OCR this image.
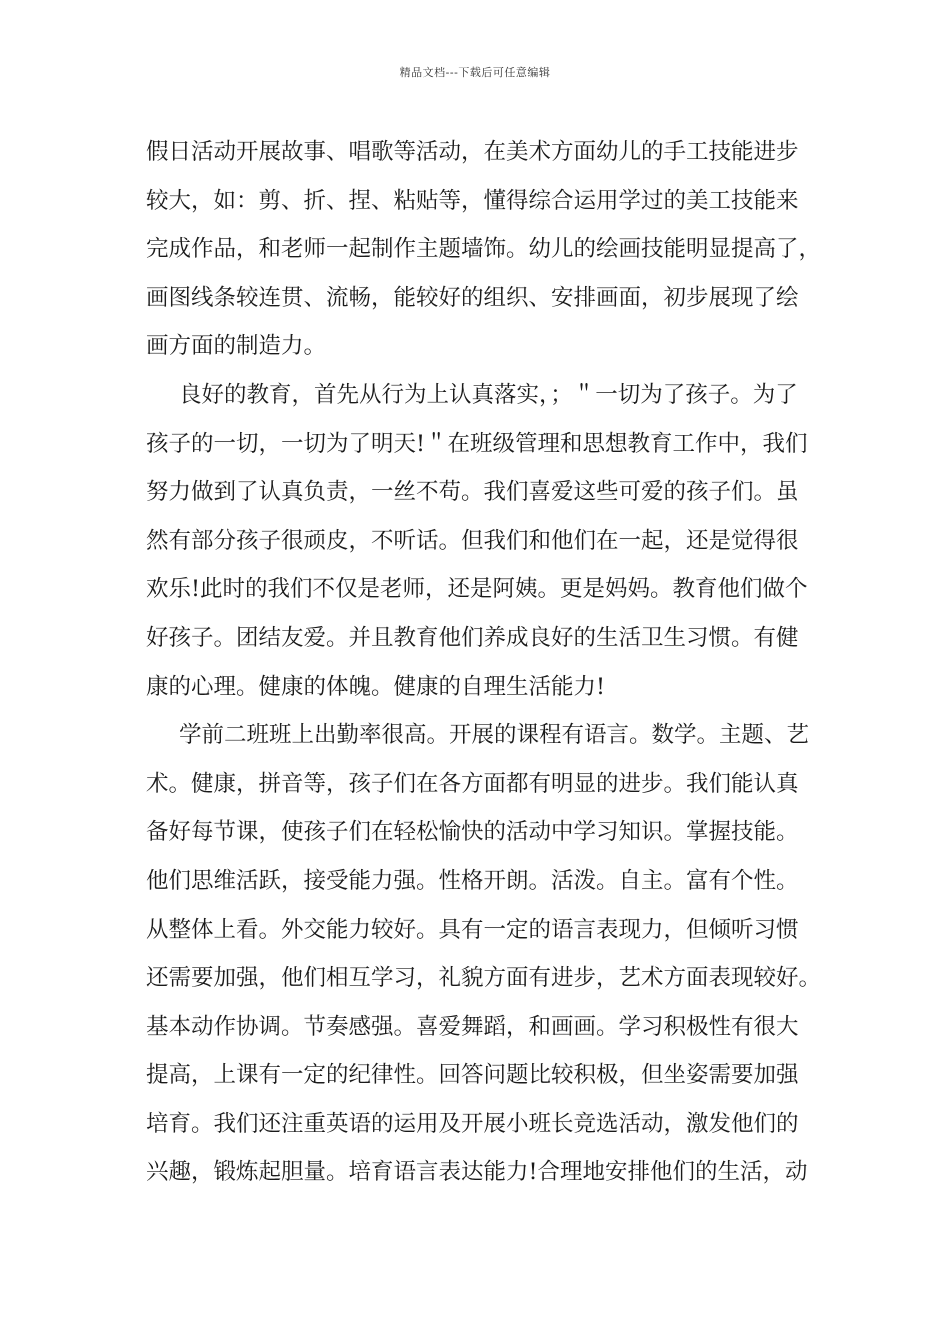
精品文档---下载后可任意编辑
假日活动开展故事、唱歌等活动，在美术方面幼儿的手工技能进步
较大，如：剪、折、捏、粘贴等，懂得综合运用学过的美工技能来
完成作品，和老师一起制作主题墙饰。幼儿的绘画技能明显提高了，
画图线条较连贯、流畅，能较好的组织、安排画面，初步展现了绘
画方面的制造力。
良好的教育，首先从行为上认真落实，；＂一切为了孩子。为了
孩子的一切，一切为了明天!＂在班级管理和思想教育工作中，我们
努力做到了认真负责，一丝不苟。我们喜爱这些可爱的孩子们。虽
然有部分孩子很顽皮，不听话。但我们和他们在一起，还是觉得很
欢乐!此时的我们不仅是老师，还是阿姨。更是妈妈。教育他们做个
好孩子。团结友爱。并且教育他们养成良好的生活卫生习惯。有健
康的心理。健康的体魄。健康的自理生活能力!
学前二班班上出勤率很高。开展的课程有语言。数学。主题、艺
术。健康，拼音等，孩子们在各方面都有明显的进步。我们能认真
备好每节课，使孩子们在轻松愉快的活动中学习知识。掌握技能。
他们思维活跃，接受能力强。性格开朗。活泼。自主。富有个性。
从整体上看。外交能力较好。具有一定的语言表现力，但倾听习惯
还需要加强，他们相互学习，礼貌方面有进步，艺术方面表现较好。
基本动作协调。节奏感强。喜爱舞蹈，和画画。学习积极性有很大
提高，上课有一定的纪律性。回答问题比较积极，但坐姿需要加强
培育。我们还注重英语的运用及开展小班长竞选活动，激发他们的
兴趣，锻炼起胆量。培育语言表达能力!合理地安排他们的生活，动
